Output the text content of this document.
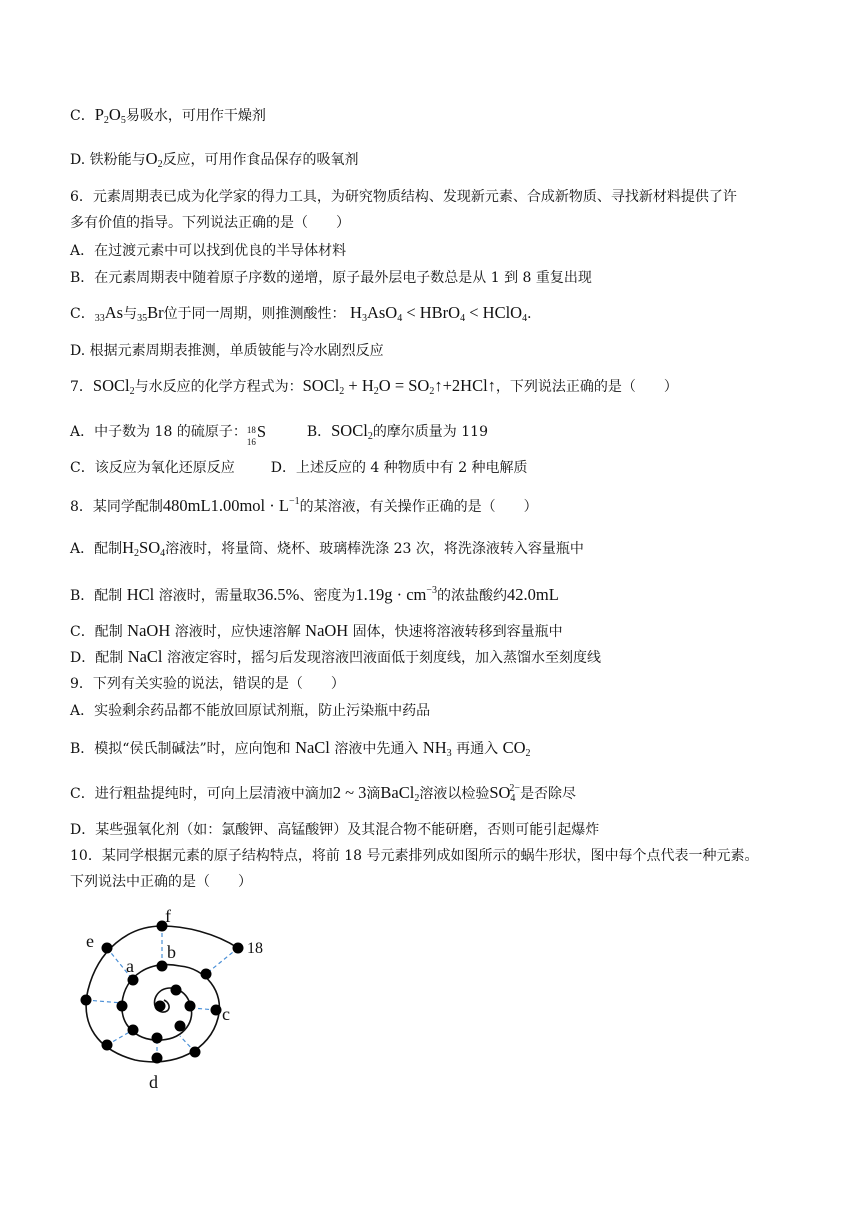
C．$P_2O_5$易吸水，可用作干燥剂
D. 铁粉能与$O_2$反应，可用作食品保存的吸氧剂
6．元素周期表已成为化学家的得力工具，为研究物质结构、发现新元素、合成新物质、寻找新材料提供了许
多有价值的指导。下列说法正确的是（　　）
A．在过渡元素中可以找到优良的半导体材料
B．在元素周期表中随着原子序数的递增，原子最外层电子数总是从 1 到 8 重复出现
C．$_{33}$As与$_{35}$Br位于同一周期，则推测酸性： $H_3AsO_4$ < HBrO$_4$ < HClO$_4$．
D. 根据元素周期表推测，单质铍能与冷水剧烈反应
7．SOCl$_2$与水反应的化学方程式为：SOCl$_2$ + $H_2O$ = $SO_2↑+2HCl↑$，下列说法正确的是（　　）
A．中子数为 18 的硫原子： 18
16
S	B．SOCl$_2$的摩尔质量为 119
C．该反应为氧化还原反应	D．上述反应的 4 种物质中有 2 种电解质
8．某同学配制$480mL1.00mol \cdot L^{-1}$的某溶液，有关操作正确的是（　　）
A．配制$H_2SO_4$溶液时，将量筒、烧杯、玻璃棒洗涤 23 次，将洗涤液转入容量瓶中
B．配制 HCl 溶液时，需量取36.5%、密度为$1.19g \cdot cm^{-3}$的浓盐酸约42.0mL
C．配制 NaOH 溶液时，应快速溶解 NaOH 固体，快速将溶液转移到容量瓶中
D．配制 NaCl 溶液定容时，摇匀后发现溶液凹液面低于刻度线，加入蒸馏水至刻度线
9．下列有关实验的说法，错误的是（　　）
A．实验剩余药品都不能放回原试剂瓶，防止污染瓶中药品
B．模拟“侯氏制碱法”时，应向饱和 NaCl 溶液中先通入 $NH_3$ 再通入 $CO_2$
C．进行粗盐提纯时，可向上层清液中滴加2 ~ 3滴BaCl$_2$溶液以检验$SO_4^{2-}$是否除尽
D．某些强氧化剂（如：氯酸钾、高锰酸钾）及其混合物不能研磨，否则可能引起爆炸
10．某同学根据元素的原子结构特点，将前 18 号元素排列成如图所示的蜗牛形状，图中每个点代表一种元素。
下列说法中正确的是（　　）
f
b
e
a
c
d
18
